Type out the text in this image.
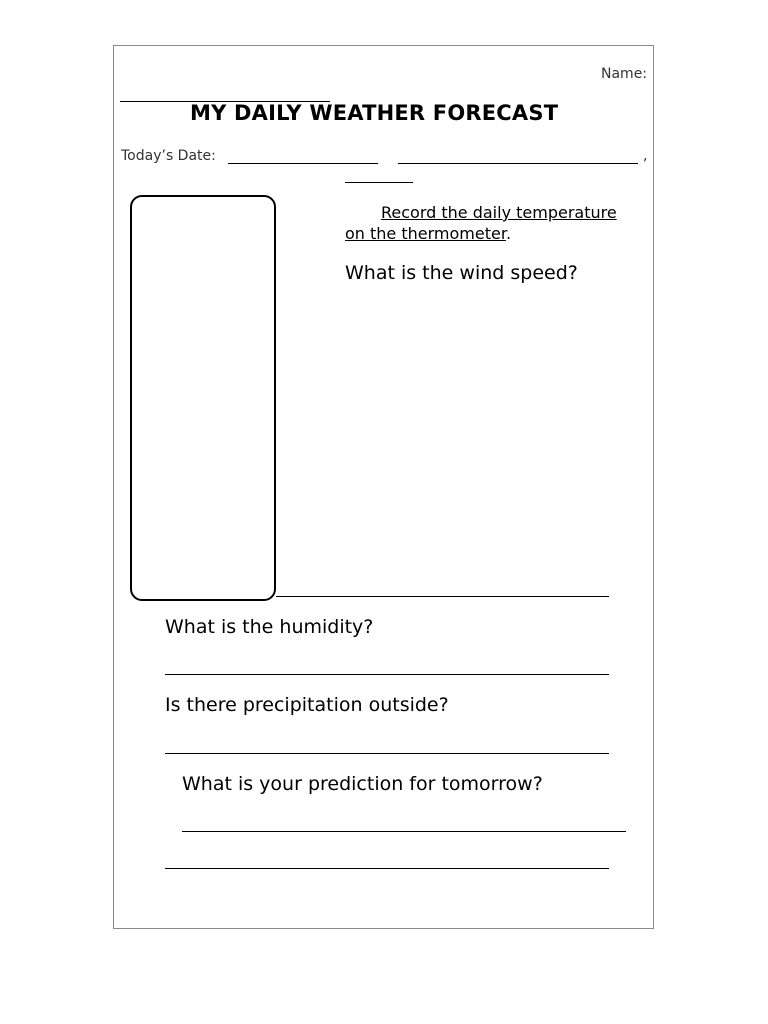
Name:
MY DAILY WEATHER FORECAST
Today’s Date:	,
Record the daily temperature
on the thermometer.
What is the wind speed?
What is the humidity?
Is there precipitation outside?
What is your prediction for tomorrow?
